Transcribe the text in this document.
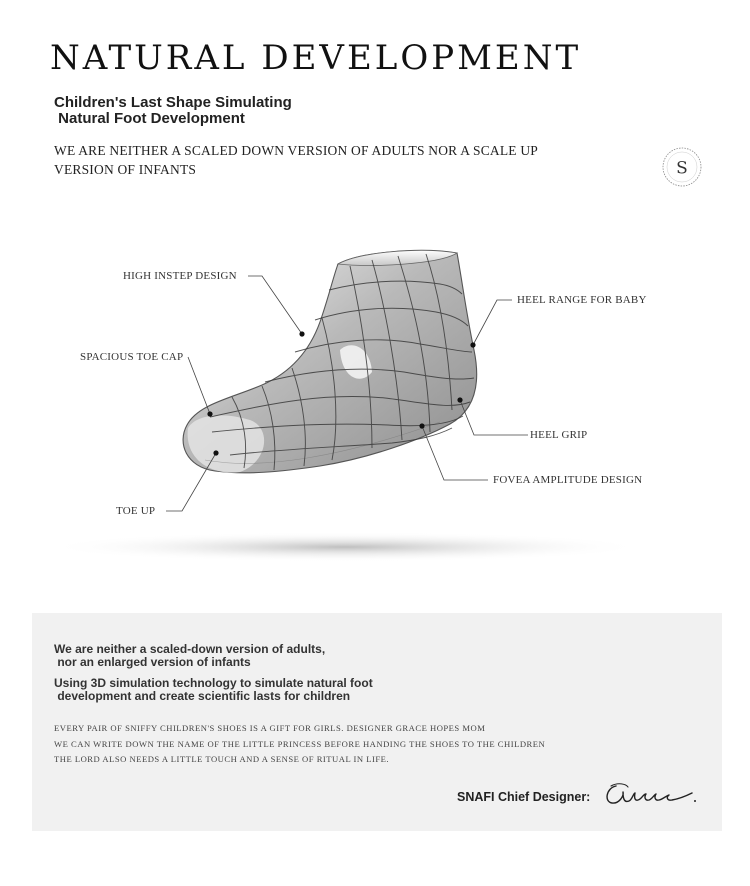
NATURAL DEVELOPMENT
Children's Last Shape Simulating
Natural Foot Development
WE ARE NEITHER A SCALED DOWN VERSION OF ADULTS NOR A SCALE UP VERSION OF INFANTS	S
HIGH INSTEP DESIGN
SPACIOUS TOE CAP
TOE UP
HEEL RANGE FOR BABY
HEEL GRIP
FOVEA AMPLITUDE DESIGN
We are neither a scaled-down version of adults,
nor an enlarged version of infants
Using 3D simulation technology to simulate natural foot
development and create scientific lasts for children
EVERY PAIR OF SNIFFY CHILDREN'S SHOES IS A GIFT FOR GIRLS. DESIGNER GRACE HOPES MOM
WE CAN WRITE DOWN THE NAME OF THE LITTLE PRINCESS BEFORE HANDING THE SHOES TO THE CHILDREN
THE LORD ALSO NEEDS A LITTLE TOUCH AND A SENSE OF RITUAL IN LIFE.
SNAFI Chief Designer:
